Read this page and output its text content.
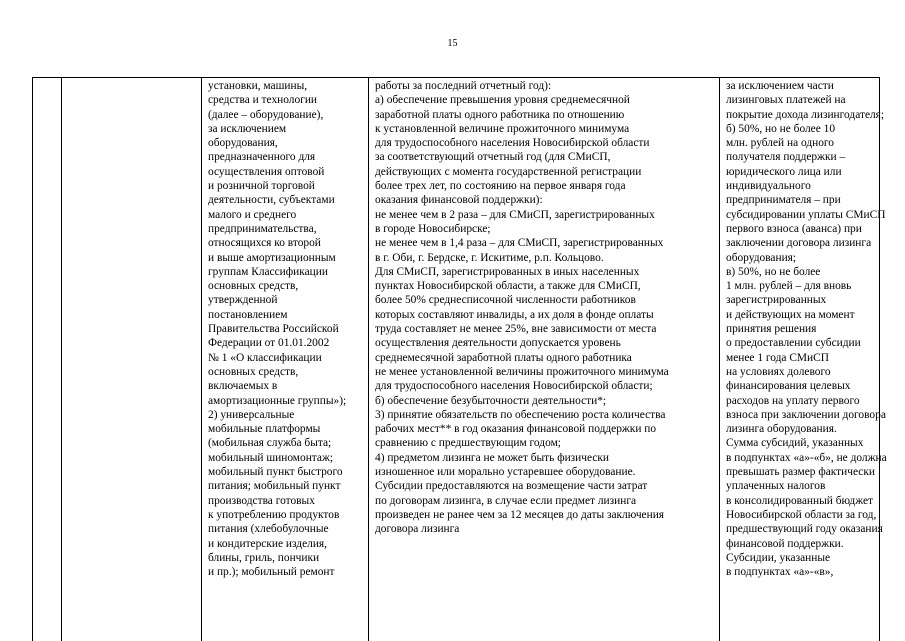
15
установки, машины,
средства и технологии
(далее – оборудование),
за исключением
оборудования,
предназначенного для
осуществления оптовой
и розничной торговой
деятельности, субъектами
малого и среднего
предпринимательства,
относящихся ко второй
и выше амортизационным
группам Классификации
основных средств,
утвержденной
постановлением
Правительства Российской
Федерации от 01.01.2002
№ 1 «О классификации
основных средств,
включаемых в
амортизационные группы»);
2) универсальные
мобильные платформы
(мобильная служба быта;
мобильный шиномонтаж;
мобильный пункт быстрого
питания; мобильный пункт
производства готовых
к употреблению продуктов
питания (хлебобулочные
и кондитерские изделия,
блины, гриль, пончики
и пр.); мобильный ремонт
работы за последний отчетный год):
а) обеспечение превышения уровня среднемесячной
заработной платы одного работника по отношению
к установленной величине прожиточного минимума
для трудоспособного населения Новосибирской области
за соответствующий отчетный год (для СМиСП,
действующих с момента государственной регистрации
более трех лет, по состоянию на первое января года
оказания финансовой поддержки):
не менее чем в 2 раза – для СМиСП, зарегистрированных
в городе Новосибирске;
не менее чем в 1,4 раза – для СМиСП, зарегистрированных
в г. Оби, г. Бердске, г. Искитиме, р.п. Кольцово.
Для СМиСП, зарегистрированных в иных населенных
пунктах Новосибирской области, а также для СМиСП,
более 50% среднесписочной численности работников
которых составляют инвалиды, а их доля в фонде оплаты
труда составляет не менее 25%, вне зависимости от места
осуществления деятельности допускается уровень
среднемесячной заработной платы одного работника
не менее установленной величины прожиточного минимума
для трудоспособного населения Новосибирской области;
б) обеспечение безубыточности деятельности*;
3) принятие обязательств по обеспечению роста количества
рабочих мест** в год оказания финансовой поддержки по
сравнению с предшествующим годом;
4) предметом лизинга не может быть физически
изношенное или морально устаревшее оборудование.
Субсидии предоставляются на возмещение части затрат
по договорам лизинга, в случае если предмет лизинга
произведен не ранее чем за 12 месяцев до даты заключения
договора лизинга
за исключением части
лизинговых платежей на
покрытие дохода лизингодателя;
б) 50%, но не более 10
млн. рублей на одного
получателя поддержки –
юридического лица или
индивидуального
предпринимателя – при
субсидировании уплаты СМиСП
первого взноса (аванса) при
заключении договора лизинга
оборудования;
в) 50%, но не более
1 млн. рублей – для вновь
зарегистрированных
и действующих на момент
принятия решения
о предоставлении субсидии
менее 1 года СМиСП
на условиях долевого
финансирования целевых
расходов на уплату первого
взноса при заключении договора
лизинга оборудования.
Сумма субсидий, указанных
в подпунктах «а»-«б», не должна
превышать размер фактически
уплаченных налогов
в консолидированный бюджет
Новосибирской области за год,
предшествующий году оказания
финансовой поддержки.
Субсидии, указанные
в подпунктах «а»-«в»,
